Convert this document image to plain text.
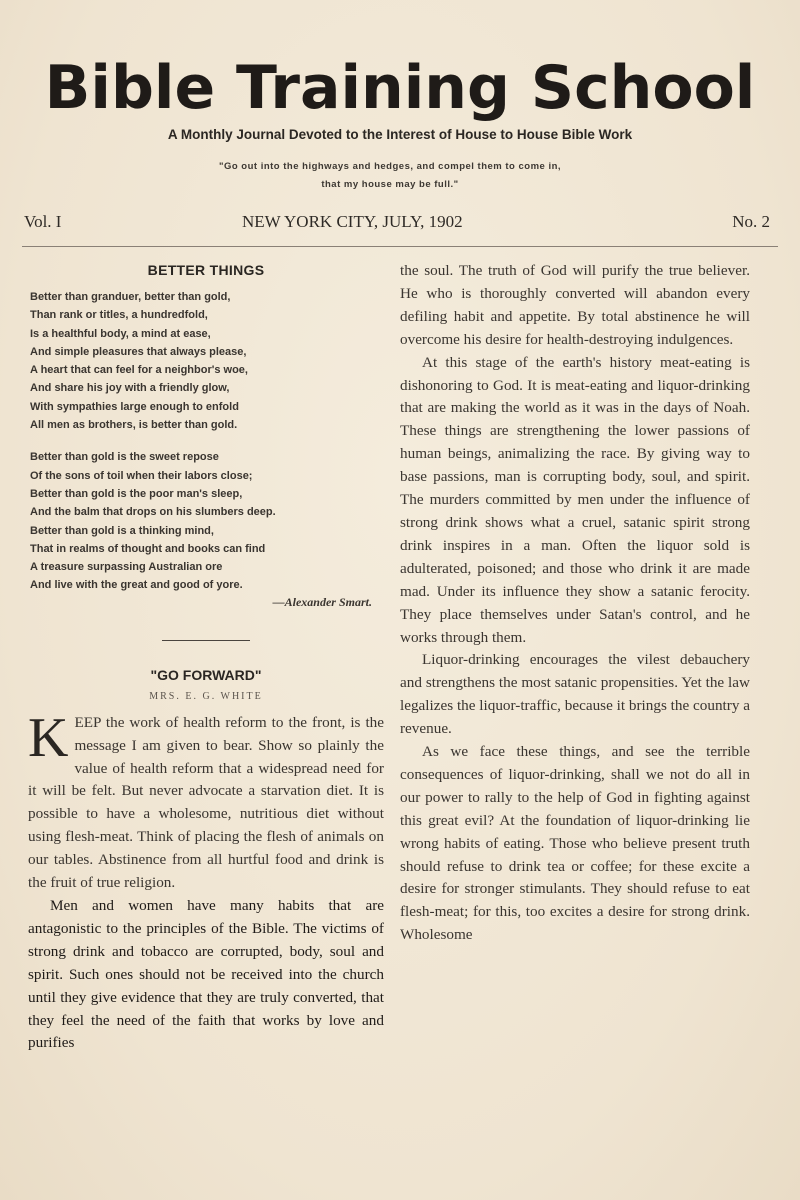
Bible Training School
A Monthly Journal Devoted to the Interest of House to House Bible Work
"Go out into the highways and hedges, and compel them to come in,
that my house may be full."
Vol. I	NEW YORK CITY, JULY, 1902	No. 2
BETTER THINGS
Better than granduer, better than gold,
Than rank or titles, a hundredfold,
Is a healthful body, a mind at ease,
And simple pleasures that always please,
A heart that can feel for a neighbor's woe,
And share his joy with a friendly glow,
With sympathies large enough to enfold
All men as brothers, is better than gold.
Better than gold is the sweet repose
Of the sons of toil when their labors close;
Better than gold is the poor man's sleep,
And the balm that drops on his slumbers deep.
Better than gold is a thinking mind,
That in realms of thought and books can find
A treasure surpassing Australian ore
And live with the great and good of yore.
—Alexander Smart.
"GO FORWARD"
MRS. E. G. WHITE

KEEP the work of health reform to the front, is the message I am given to bear. Show so plainly the value of health reform that a widespread need for it will be felt. But never advocate a starvation diet. It is possible to have a wholesome, nutritious diet without using flesh-meat. Think of placing the flesh of animals on our tables. Abstinence from all hurtful food and drink is the fruit of true religion.

Men and women have many habits that are antagonistic to the principles of the Bible. The victims of strong drink and tobacco are corrupted, body, soul and spirit. Such ones should not be received into the church until they give evidence that they are truly converted, that they feel the need of the faith that works by love and purifies

the soul. The truth of God will purify the true believer. He who is thoroughly converted will abandon every defiling habit and appetite. By total abstinence he will overcome his desire for health-destroying indulgences.

At this stage of the earth's history meat-eating is dishonoring to God. It is meat-eating and liquor-drinking that are making the world as it was in the days of Noah. These things are strengthening the lower passions of human beings, animalizing the race. By giving way to base passions, man is corrupting body, soul, and spirit. The murders committed by men under the influence of strong drink shows what a cruel, satanic spirit strong drink inspires in a man. Often the liquor sold is adulterated, poisoned; and those who drink it are made mad. Under its influence they show a satanic ferocity. They place themselves under Satan's control, and he works through them.

Liquor-drinking encourages the vilest debauchery and strengthens the most satanic propensities. Yet the law legalizes the liquor-traffic, because it brings the country a revenue.

As we face these things, and see the terrible consequences of liquor-drinking, shall we not do all in our power to rally to the help of God in fighting against this great evil? At the foundation of liquor-drinking lie wrong habits of eating. Those who believe present truth should refuse to drink tea or coffee; for these excite a desire for stronger stimulants. They should refuse to eat flesh-meat; for this, too excites a desire for strong drink. Wholesome
